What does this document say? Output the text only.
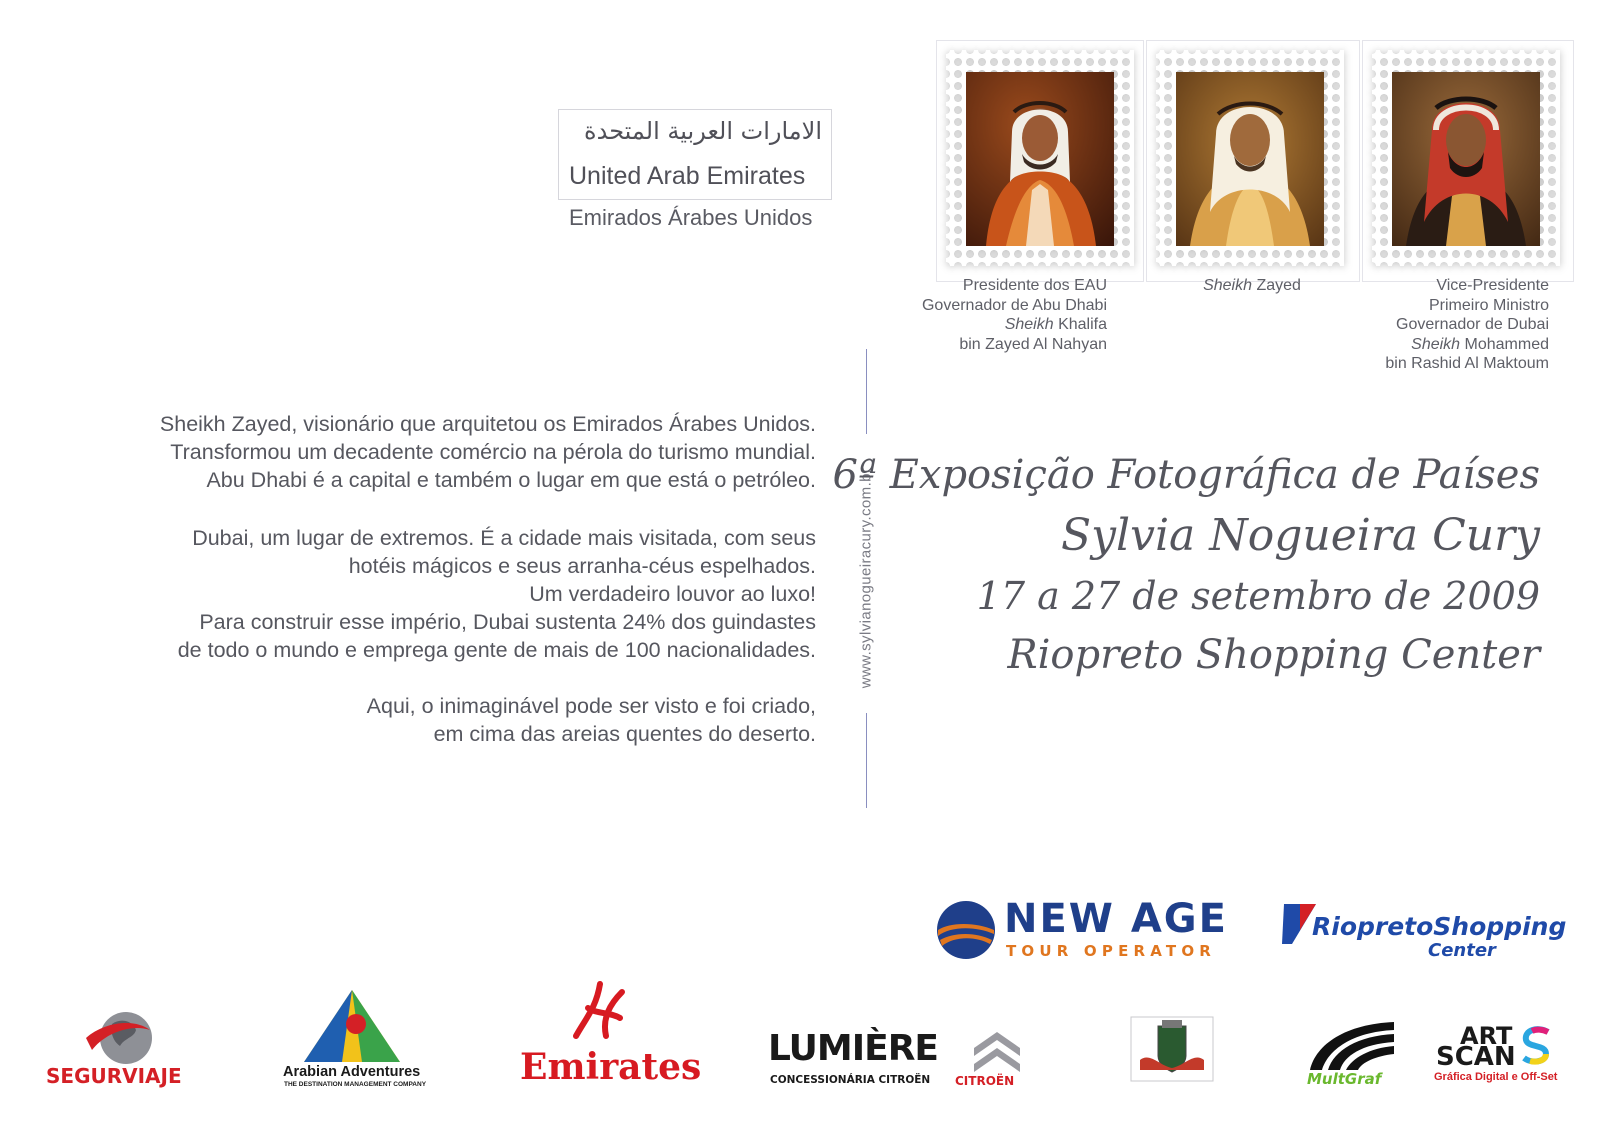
الامارات العربية المتحدة
United Arab Emirates
Emirados Árabes Unidos
Presidente dos EAU
Governador de Abu Dhabi
Sheikh Khalifa
bin Zayed Al Nahyan
Sheikh Zayed	Vice-Presidente
Primeiro Ministro
Governador de Dubai
Sheikh Mohammed
bin Rashid Al Maktoum
Sheikh Zayed, visionário que arquitetou os Emirados Árabes Unidos.
Transformou um decadente comércio na pérola do turismo mundial.
Abu Dhabi é a capital e também o lugar em que está o petróleo.
Dubai, um lugar de extremos. É a cidade mais visitada, com seus
hotéis mágicos e seus arranha-céus espelhados.
Um verdadeiro louvor ao luxo!
Para construir esse império, Dubai sustenta 24% dos guindastes
de todo o mundo e emprega gente de mais de 100 nacionalidades.
Aqui, o inimaginável pode ser visto e foi criado,
em cima das areias quentes do deserto.
www.sylvianogueiracury.com.br
6ª Exposição Fotográfica de Países
Sylvia Nogueira Cury
17 a 27 de setembro de 2009
Riopreto Shopping Center
NEW AGE
TOUR OPERATOR
RiopretoShopping
Center
SEGURVIAJE	Arabian Adventures
THE DESTINATION MANAGEMENT COMPANY	Emirates LUMIÈRE
CONCESSIONÁRIA CITROËN CITROËN	MultGraf
ART
SCAN
Gráfica Digital e Off-Set
